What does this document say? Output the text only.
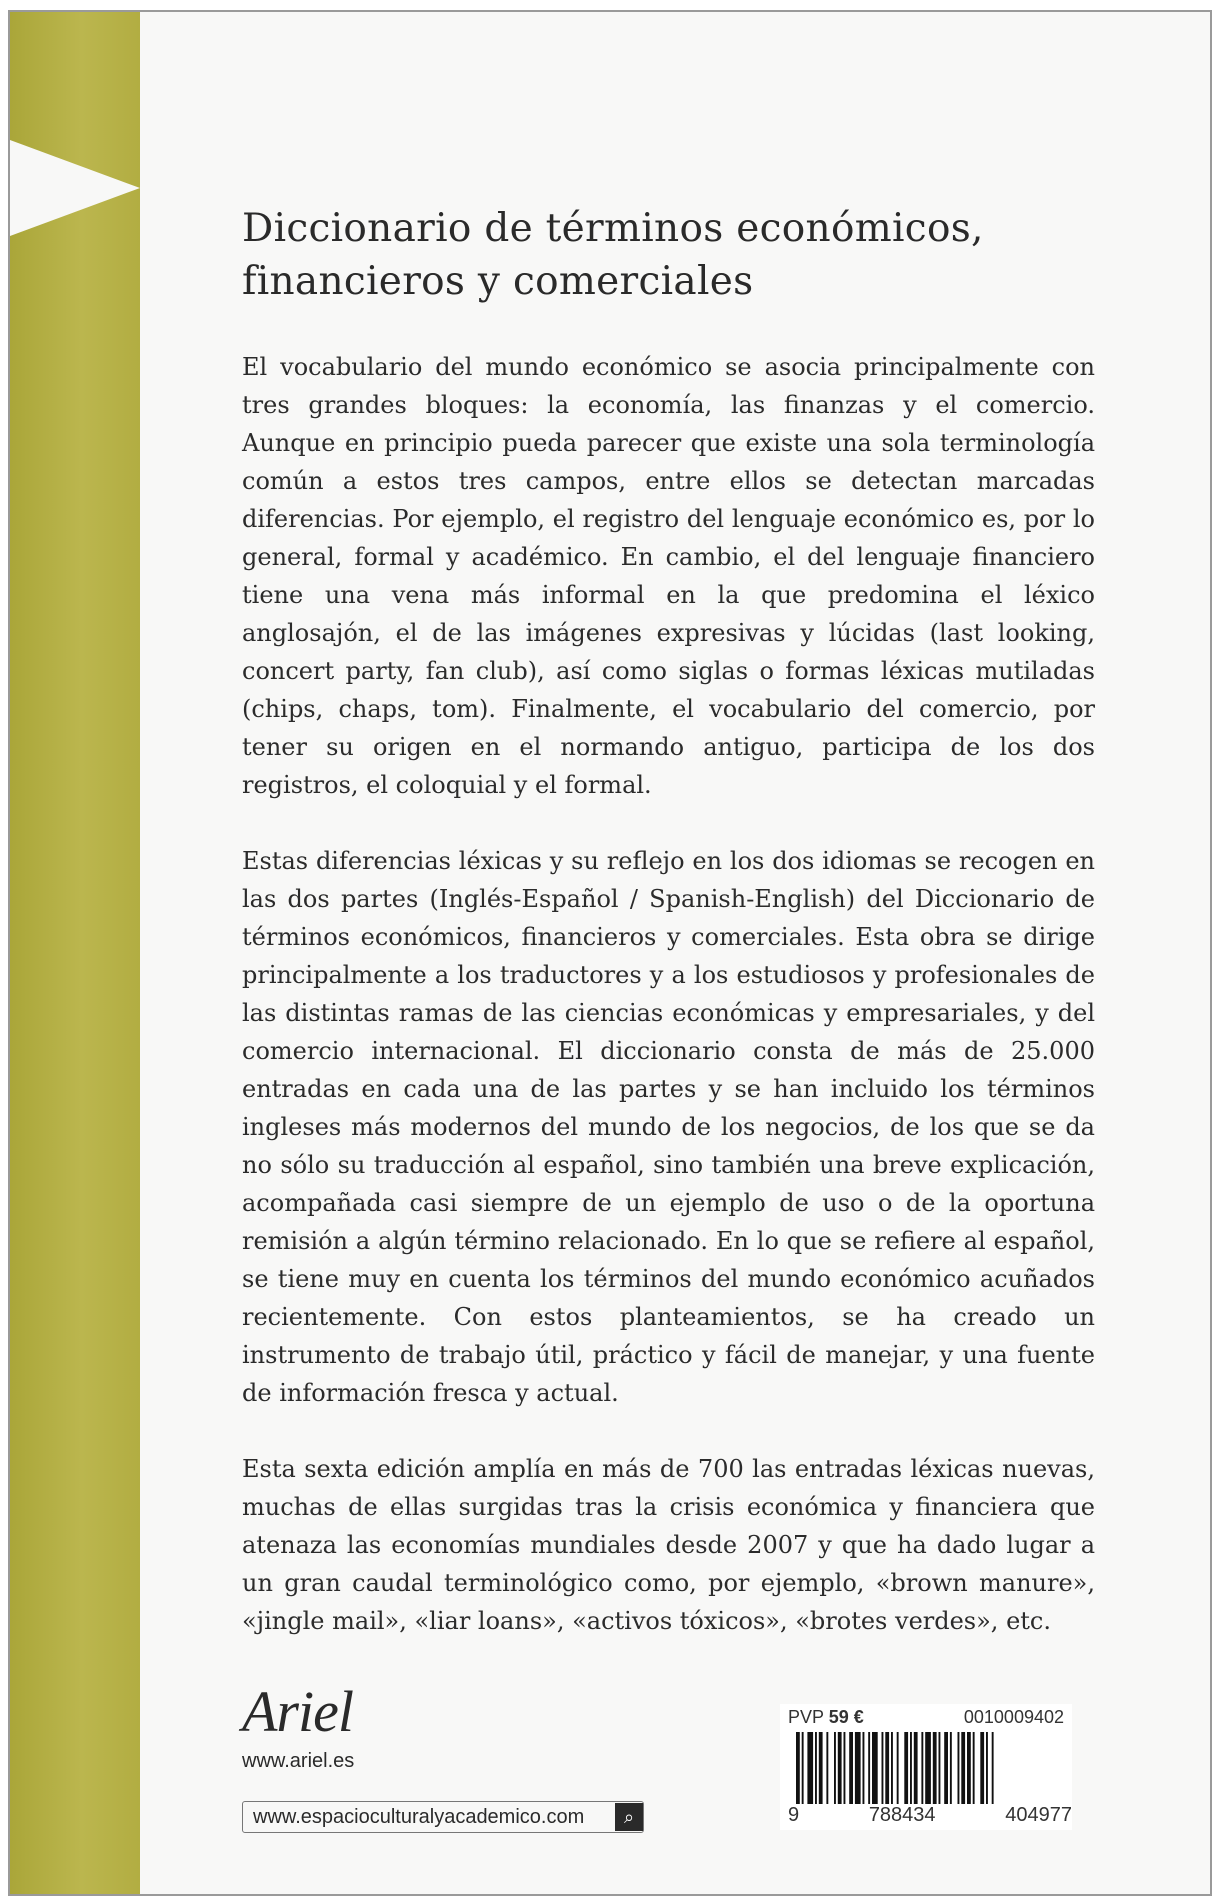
Diccionario de términos económicos,
financieros y comerciales

El vocabulario del mundo económico se asocia principalmente con tres grandes bloques: la economía, las finanzas y el comercio. Aunque en principio pueda parecer que existe una sola terminología común a estos tres campos, entre ellos se detectan marcadas diferencias. Por ejemplo, el registro del lenguaje económico es, por lo general, formal y académico. En cambio, el del lenguaje financiero tiene una vena más informal en la que predomina el léxico anglosajón, el de las imágenes expresivas y lúcidas (last looking, concert party, fan club), así como siglas o formas léxicas mutiladas (chips, chaps, tom). Finalmente, el vocabulario del comercio, por tener su origen en el normando antiguo, participa de los dos registros, el coloquial y el formal.

Estas diferencias léxicas y su reflejo en los dos idiomas se recogen en las dos partes (Inglés-Español / Spanish-English) del Diccionario de términos económicos, financieros y comerciales. Esta obra se dirige principalmente a los traductores y a los estudiosos y profesionales de las distintas ramas de las ciencias económicas y empresariales, y del comercio internacional. El diccionario consta de más de 25.000 entradas en cada una de las partes y se han incluido los términos ingleses más modernos del mundo de los negocios, de los que se da no sólo su traducción al español, sino también una breve explicación, acompañada casi siempre de un ejemplo de uso o de la oportuna remisión a algún término relacionado. En lo que se refiere al español, se tiene muy en cuenta los términos del mundo económico acuñados recientemente. Con estos planteamientos, se ha creado un instrumento de trabajo útil, práctico y fácil de manejar, y una fuente de información fresca y actual.

Esta sexta edición amplía en más de 700 las entradas léxicas nuevas, muchas de ellas surgidas tras la crisis económica y financiera que atenaza las economías mundiales desde 2007 y que ha dado lugar a un gran caudal terminológico como, por ejemplo, «brown manure», «jingle mail», «liar loans», «activos tóxicos», «brotes verdes», etc.

Ariel
www.ariel.es
www.espacioculturalyacademico.com	⌕
PVP 59 €	0010009402
9	788434	404977
